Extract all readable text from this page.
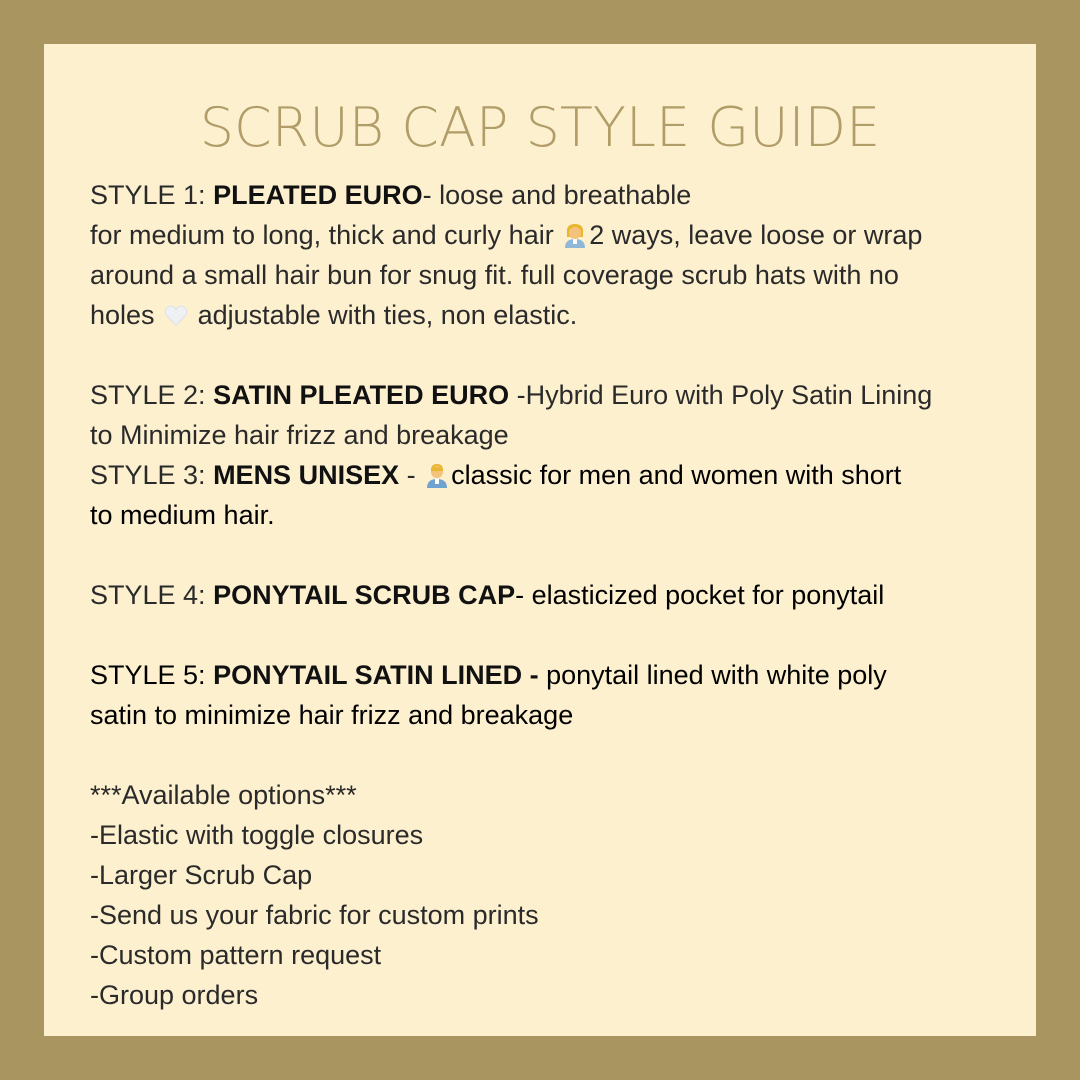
SCRUB CAP STYLE GUIDE
STYLE 1: PLEATED EURO- loose and breathable
for medium to long, thick and curly hair 2 ways, leave loose or wrap
around a small hair bun for snug fit. full coverage scrub hats with no
holes  adjustable with ties, non elastic.
STYLE 2: SATIN PLEATED EURO -Hybrid Euro with Poly Satin Lining
to Minimize hair frizz and breakage
STYLE 3: MENS UNISEX - classic for men and women with short
to medium hair.
STYLE 4: PONYTAIL SCRUB CAP- elasticized pocket for ponytail
STYLE 5: PONYTAIL SATIN LINED - ponytail lined with white poly
satin to minimize hair frizz and breakage
***Available options***
-Elastic with toggle closures
-Larger Scrub Cap
-Send us your fabric for custom prints
-Custom pattern request
-Group orders
